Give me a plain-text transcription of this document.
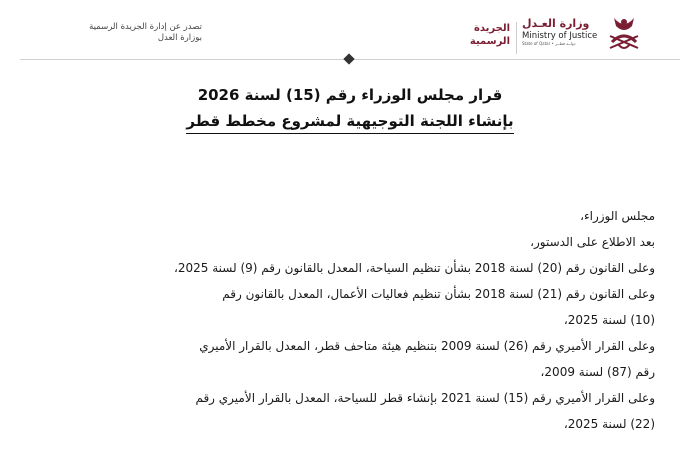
تصدر عن إدارة الجريدة الرسمية
بوزارة العدل
وزارة العـدل
Ministry of Justice
State of Qatar • دولــة قطــر
الجريدة
الرسمية
قرار مجلس الوزراء رقم (15) لسنة 2026
بإنشاء اللجنة التوجيهية لمشروع مخطط قطر
مجلس الوزراء،
بعد الاطلاع على الدستور،
وعلى القانون رقم (20) لسنة 2018 بشأن تنظيم السياحة، المعدل بالقانون رقم (9) لسنة 2025،
وعلى القانون رقم (21) لسنة 2018 بشأن تنظيم فعاليات الأعمال، المعدل بالقانون رقم
(10) لسنة 2025،
وعلى القرار الأميري رقم (26) لسنة 2009 بتنظيم هيئة متاحف قطر، المعدل بالقرار الأميري
رقم (87) لسنة 2009،
وعلى القرار الأميري رقم (15) لسنة 2021 بإنشاء قطر للسياحة، المعدل بالقرار الأميري رقم
(22) لسنة 2025،
